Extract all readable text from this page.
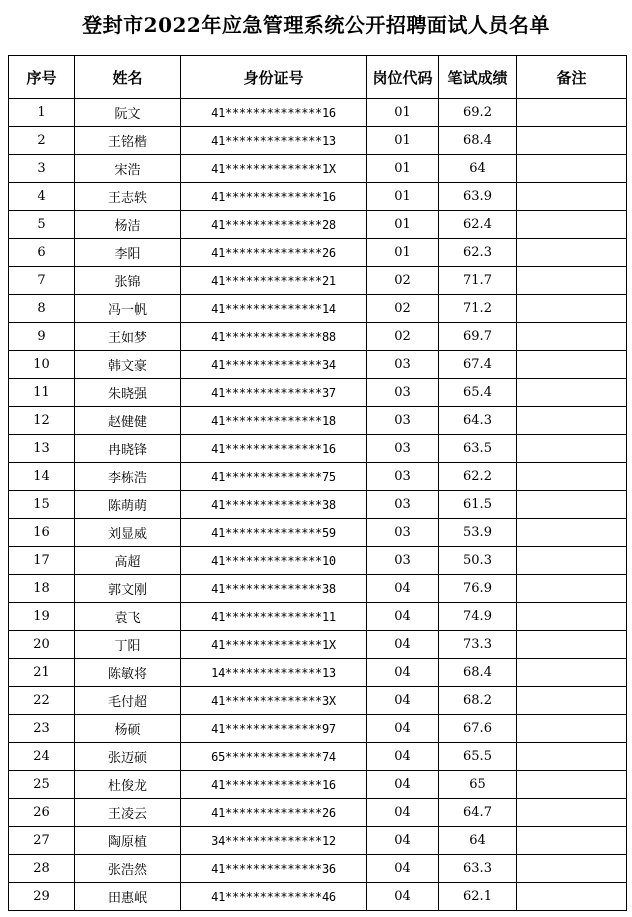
登封市2022年应急管理系统公开招聘面试人员名单
序号	姓名	身份证号	岗位代码	笔试成绩	备注
1	阮文	41**************16	01	69.2	
2	王铭楷	41**************13	01	68.4	
3	宋浩	41**************1X	01	64	
4	王志轶	41**************16	01	63.9	
5	杨洁	41**************28	01	62.4	
6	李阳	41**************26	01	62.3	
7	张锦	41**************21	02	71.7	
8	冯一帆	41**************14	02	71.2	
9	王如梦	41**************88	02	69.7	
10	韩文豪	41**************34	03	67.4	
11	朱晓强	41**************37	03	65.4	
12	赵健健	41**************18	03	64.3	
13	冉晓锋	41**************16	03	63.5	
14	李栋浩	41**************75	03	62.2	
15	陈萌萌	41**************38	03	61.5	
16	刘显威	41**************59	03	53.9	
17	高超	41**************10	03	50.3	
18	郭文刚	41**************38	04	76.9	
19	袁飞	41**************11	04	74.9	
20	丁阳	41**************1X	04	73.3	
21	陈敏将	14**************13	04	68.4	
22	毛付超	41**************3X	04	68.2	
23	杨硕	41**************97	04	67.6	
24	张迈硕	65**************74	04	65.5	
25	杜俊龙	41**************16	04	65	
26	王凌云	41**************26	04	64.7	
27	陶原植	34**************12	04	64	
28	张浩然	41**************36	04	63.3	
29	田惠岷	41**************46	04	62.1	
